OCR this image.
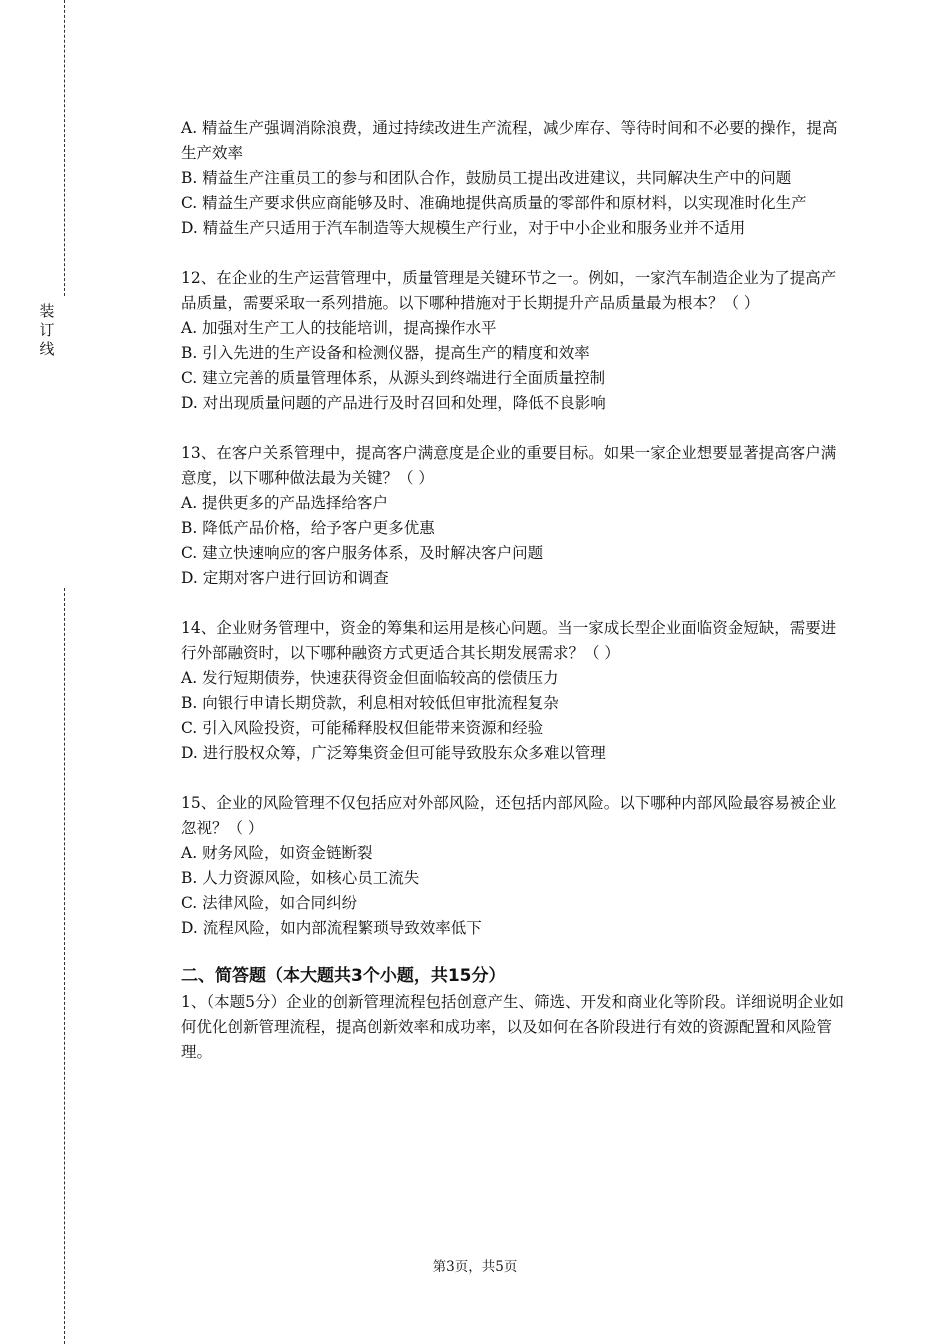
装
订
线

A. 精益生产强调消除浪费，通过持续改进生产流程，减少库存、等待时间和不必要的操作，提高生产效率

B. 精益生产注重员工的参与和团队合作，鼓励员工提出改进建议，共同解决生产中的问题

C. 精益生产要求供应商能够及时、准确地提供高质量的零部件和原材料，以实现准时化生产

D. 精益生产只适用于汽车制造等大规模生产行业，对于中小企业和服务业并不适用

12、在企业的生产运营管理中，质量管理是关键环节之一。例如，一家汽车制造企业为了提高产品质量，需要采取一系列措施。以下哪种措施对于长期提升产品质量最为根本？（ ）

A. 加强对生产工人的技能培训，提高操作水平

B. 引入先进的生产设备和检测仪器，提高生产的精度和效率

C. 建立完善的质量管理体系，从源头到终端进行全面质量控制

D. 对出现质量问题的产品进行及时召回和处理，降低不良影响

13、在客户关系管理中，提高客户满意度是企业的重要目标。如果一家企业想要显著提高客户满意度，以下哪种做法最为关键？（ ）

A. 提供更多的产品选择给客户

B. 降低产品价格，给予客户更多优惠

C. 建立快速响应的客户服务体系，及时解决客户问题

D. 定期对客户进行回访和调查

14、企业财务管理中，资金的筹集和运用是核心问题。当一家成长型企业面临资金短缺，需要进行外部融资时，以下哪种融资方式更适合其长期发展需求？（ ）

A. 发行短期债券，快速获得资金但面临较高的偿债压力

B. 向银行申请长期贷款，利息相对较低但审批流程复杂

C. 引入风险投资，可能稀释股权但能带来资源和经验

D. 进行股权众筹，广泛筹集资金但可能导致股东众多难以管理

15、企业的风险管理不仅包括应对外部风险，还包括内部风险。以下哪种内部风险最容易被企业忽视？（ ）

A. 财务风险，如资金链断裂

B. 人力资源风险，如核心员工流失

C. 法律风险，如合同纠纷

D. 流程风险，如内部流程繁琐导致效率低下

二、简答题（本大题共3个小题，共15分）

1、（本题5分）企业的创新管理流程包括创意产生、筛选、开发和商业化等阶段。详细说明企业如何优化创新管理流程，提高创新效率和成功率，以及如何在各阶段进行有效的资源配置和风险管理。

第3页，共5页
